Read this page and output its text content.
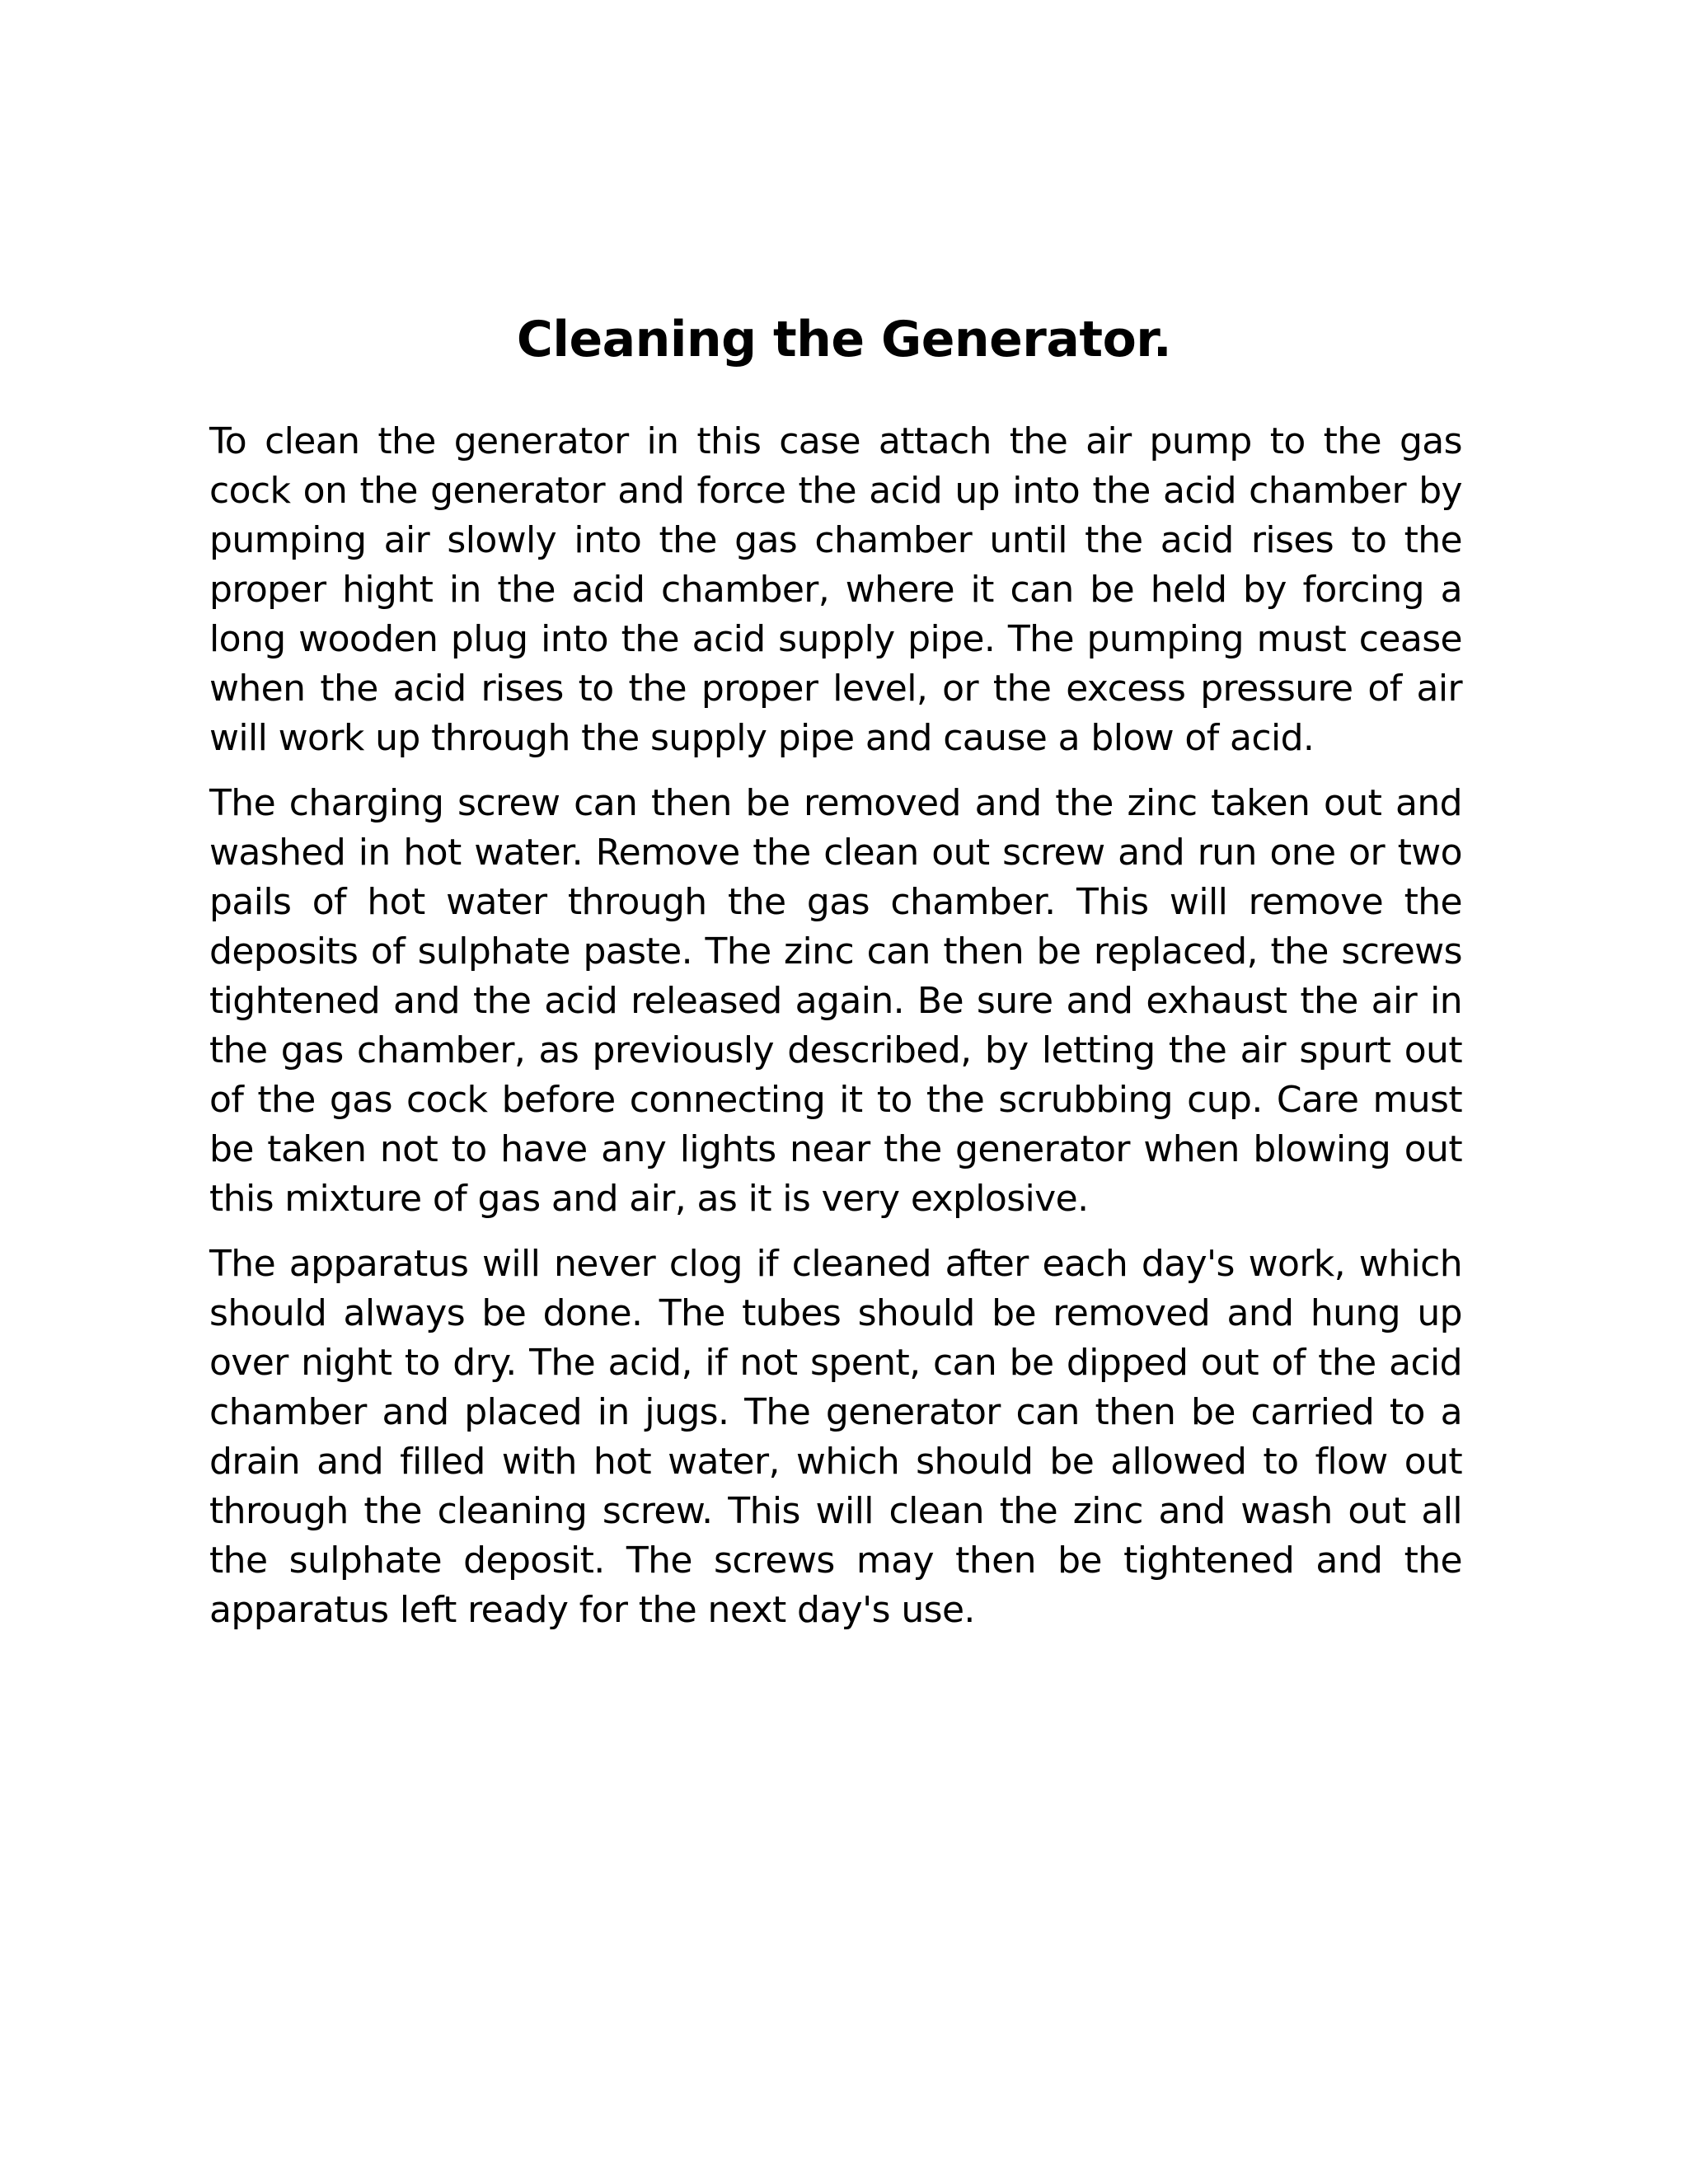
Cleaning the Generator.

To clean the generator in this case attach the air pump to the gas cock on the generator and force the acid up into the acid chamber by pumping air slowly into the gas chamber until the acid rises to the proper hight in the acid chamber, where it can be held by forcing a long wooden plug into the acid supply pipe. The pumping must cease when the acid rises to the proper level, or the excess pressure of air will work up through the supply pipe and cause a blow of acid.

The charging screw can then be removed and the zinc taken out and washed in hot water. Remove the clean out screw and run one or two pails of hot water through the gas chamber. This will remove the deposits of sulphate paste. The zinc can then be replaced, the screws tightened and the acid released again. Be sure and exhaust the air in the gas chamber, as previously described, by letting the air spurt out of the gas cock before connecting it to the scrubbing cup. Care must be taken not to have any lights near the generator when blowing out this mixture of gas and air, as it is very explosive.

The apparatus will never clog if cleaned after each day's work, which should always be done. The tubes should be removed and hung up over night to dry. The acid, if not spent, can be dipped out of the acid chamber and placed in jugs. The generator can then be carried to a drain and filled with hot water, which should be allowed to flow out through the cleaning screw. This will clean the zinc and wash out all the sulphate deposit. The screws may then be tightened and the apparatus left ready for the next day's use.
